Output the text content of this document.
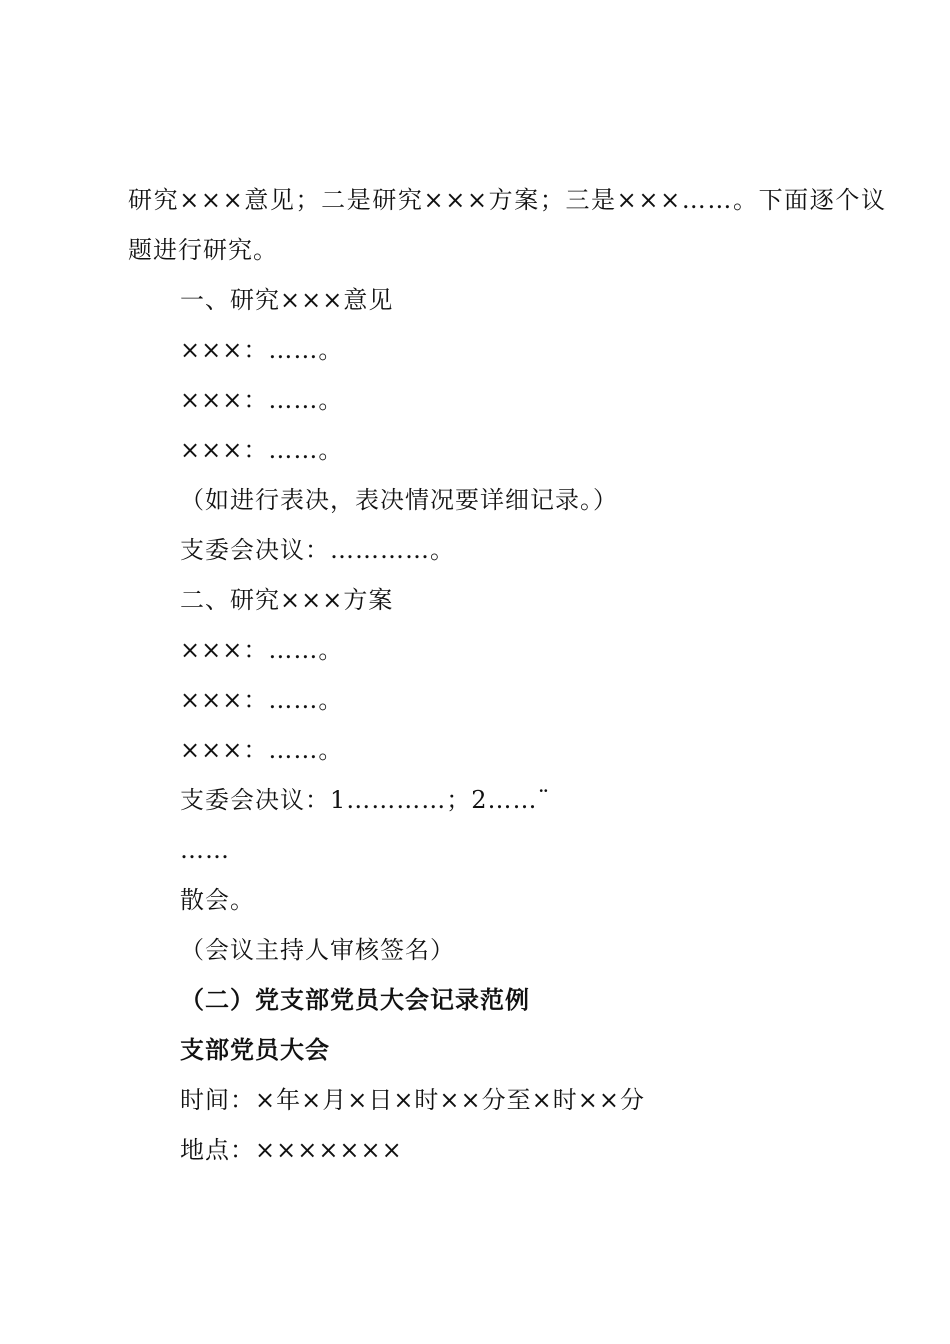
研究×××意见；二是研究×××方案；三是×××……。下面逐个议
题进行研究。
一、研究×××意见
×××：……。
×××：……。
×××：……。
（如进行表决，表决情况要详细记录。）
支委会决议：…………。
二、研究×××方案
×××：……。
×××：……。
×××：……。
支委会决议：1…………；2……¨
……
散会。
（会议主持人审核签名）
（二）党支部党员大会记录范例
支部党员大会
时间：×年×月×日×时××分至×时××分
地点：×××××××
